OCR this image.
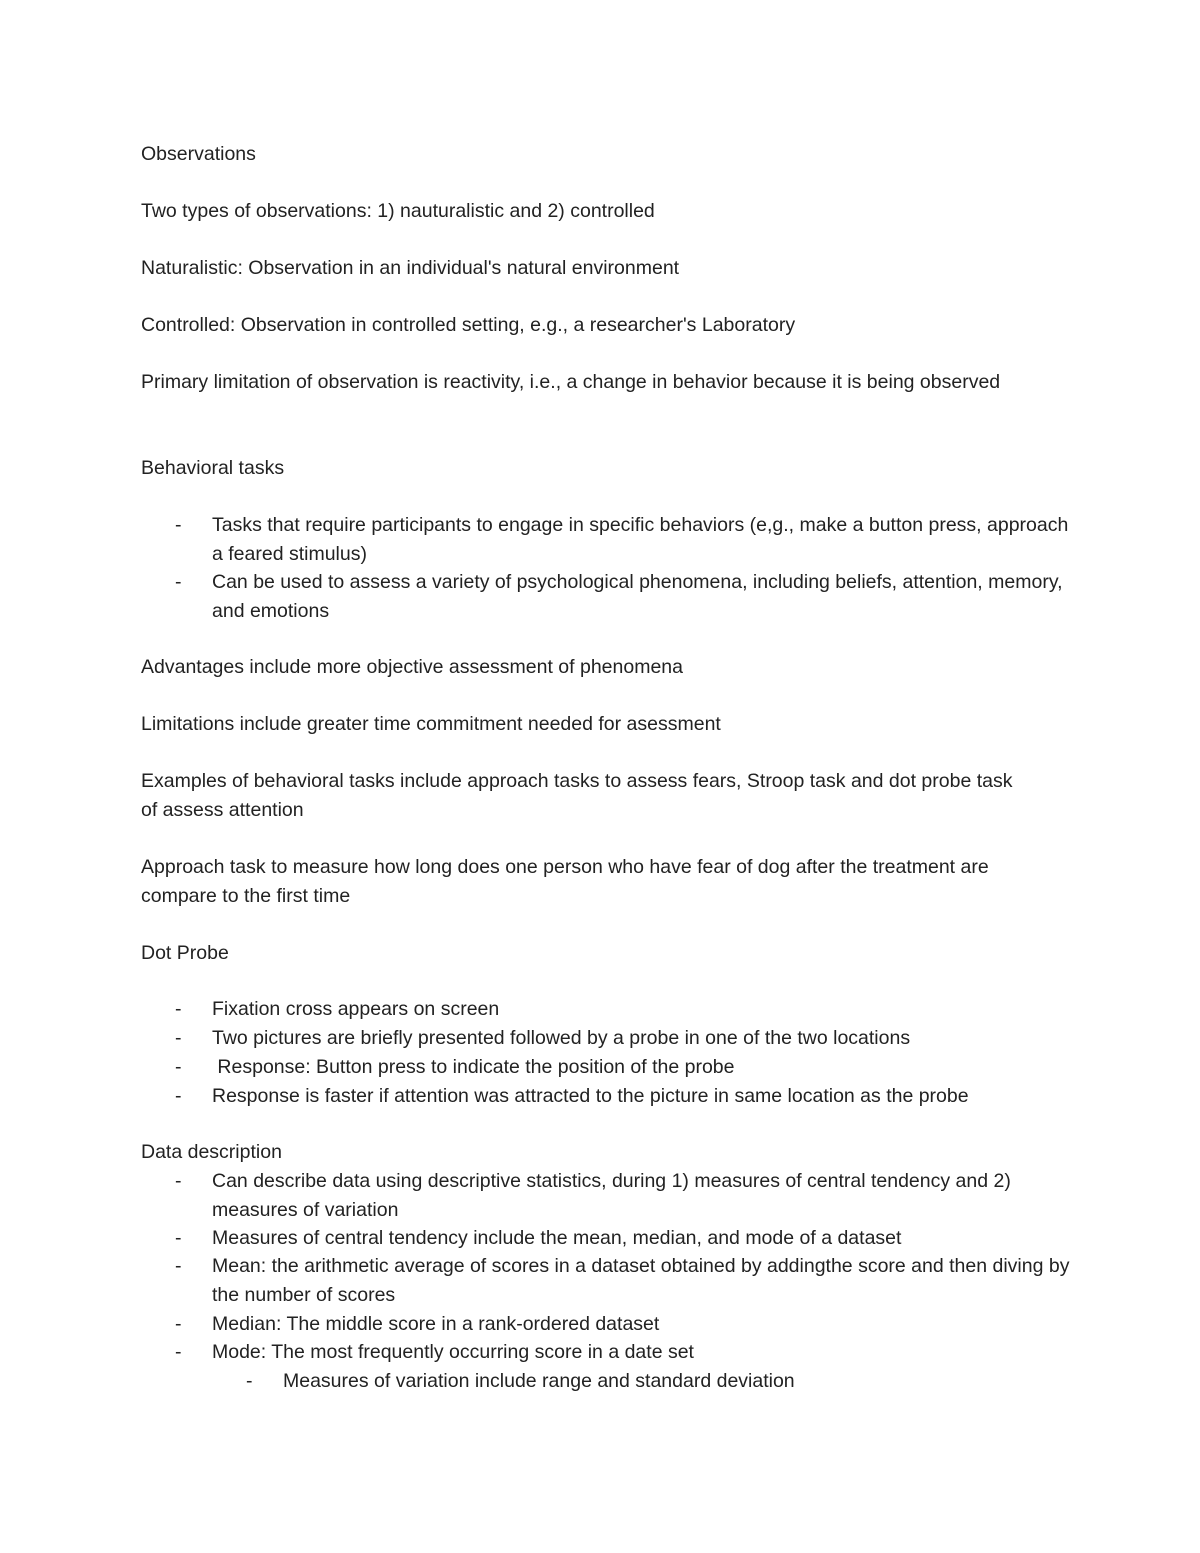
Observations
Two types of observations: 1) nauturalistic and 2) controlled
Naturalistic: Observation in an individual's natural environment
Controlled: Observation in controlled setting, e.g., a researcher's Laboratory
Primary limitation of observation is reactivity, i.e., a change in behavior because it is being observed
Behavioral tasks
- Tasks that require participants to engage in specific behaviors (e,g., make a button press, approach a feared stimulus)
- Can be used to assess a variety of psychological phenomena, including beliefs, attention, memory, and emotions
Advantages include more objective assessment of phenomena
Limitations include greater time commitment needed for asessment
Examples of behavioral tasks include approach tasks to assess fears, Stroop task and dot probe task of assess attention
Approach task to measure how long does one person who have fear of dog after the treatment are compare to the first time
Dot Probe
- Fixation cross appears on screen
- Two pictures are briefly presented followed by a probe in one of the two locations
- Response: Button press to indicate the position of the probe
- Response is faster if attention was attracted to the picture in same location as the probe
Data description
- Can describe data using descriptive statistics, during 1) measures of central tendency and 2) measures of variation
- Measures of central tendency include the mean, median, and mode of a dataset
- Mean: the arithmetic average of scores in a dataset obtained by addingthe score and then diving by the number of scores
- Median: The middle score in a rank-ordered dataset
- Mode: The most frequently occurring score in a date set
- Measures of variation include range and standard deviation
